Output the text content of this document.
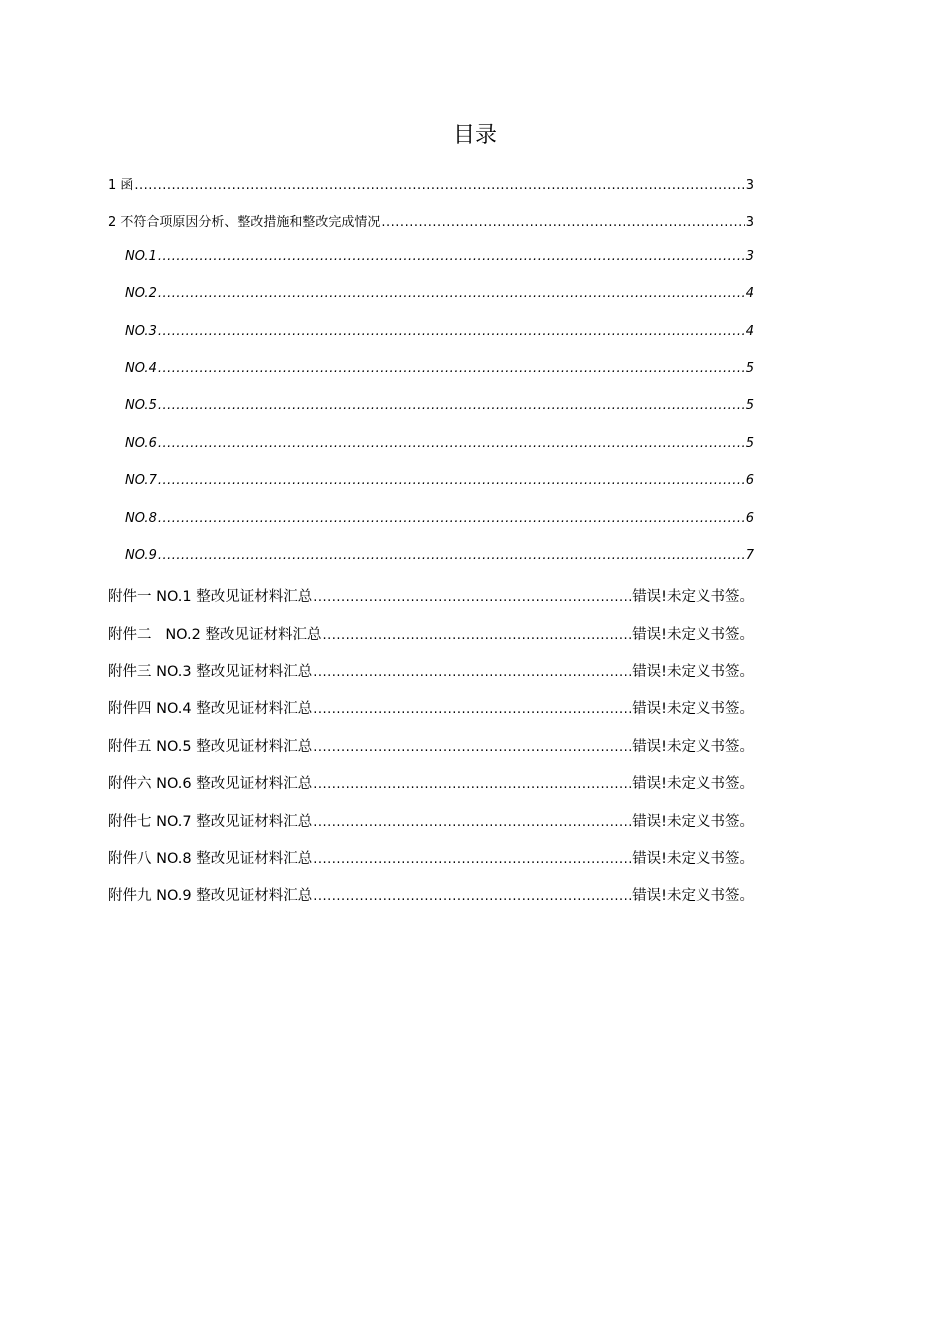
目录
1 函 .....	3
2 不符合项原因分析、整改措施和整改完成情况 .....	3
NO.1 .....	3
NO.2 .....	4
NO.3 .....	4
NO.4 .....	5
NO.5 .....	5
NO.6 .....	5
NO.7 .....	6
NO.8 .....	6
NO.9 .....	7
附件一 NO.1 整改见证材料汇总 .....	错误!未定义书签。
附件二   NO.2 整改见证材料汇总 .....	错误!未定义书签。
附件三 NO.3 整改见证材料汇总 .....	错误!未定义书签。
附件四 NO.4 整改见证材料汇总 .....	错误!未定义书签。
附件五 NO.5 整改见证材料汇总 .....	错误!未定义书签。
附件六 NO.6 整改见证材料汇总 .....	错误!未定义书签。
附件七 NO.7 整改见证材料汇总 .....	错误!未定义书签。
附件八 NO.8 整改见证材料汇总 .....	错误!未定义书签。
附件九 NO.9 整改见证材料汇总 .....	错误!未定义书签。
